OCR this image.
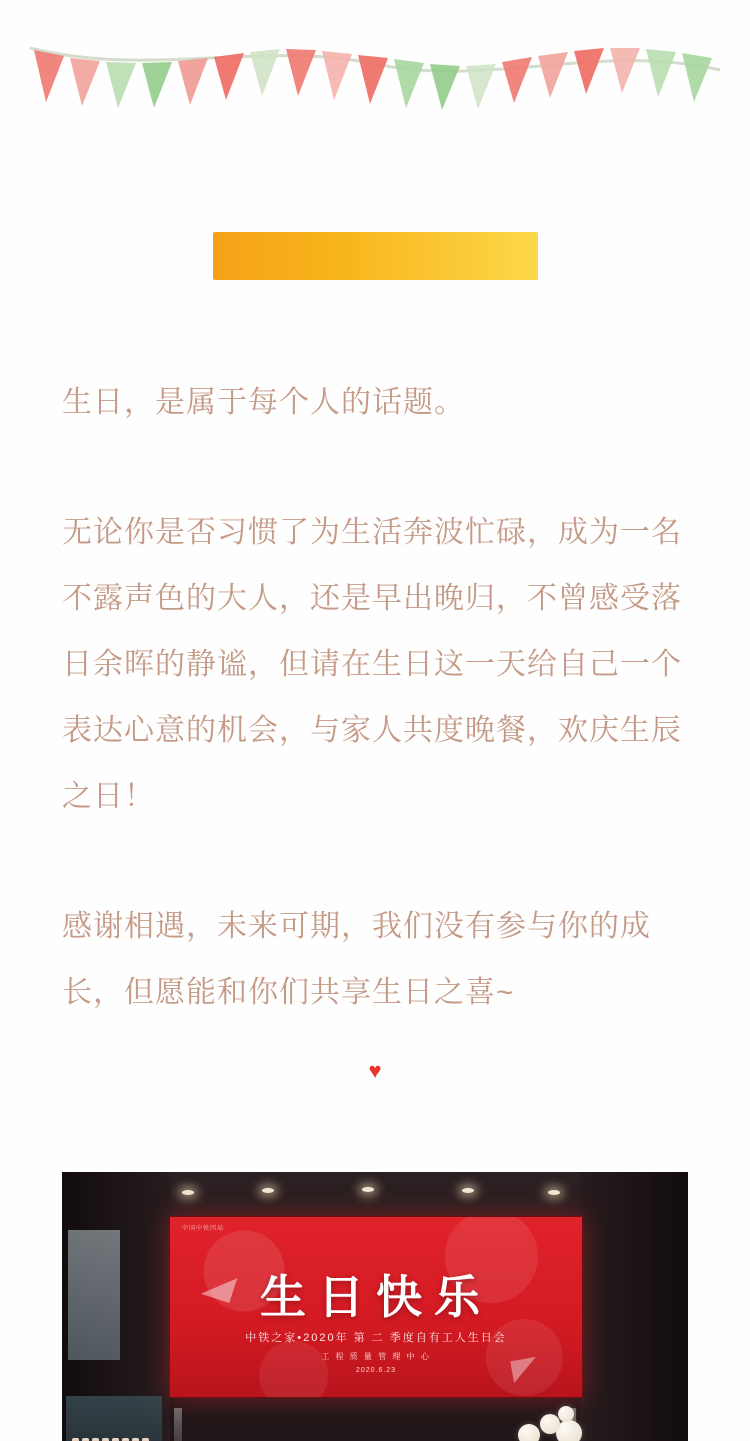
生日，是属于每个人的话题。

无论你是否习惯了为生活奔波忙碌，成为一名不露声色的大人，还是早出晚归，不曾感受落日余晖的静谧，但请在生日这一天给自己一个表达心意的机会，与家人共度晚餐，欢庆生辰之日！

感谢相遇，未来可期，我们没有参与你的成长，但愿能和你们共享生日之喜~

♥
中国中铁四局
生日快乐
中铁之家•2020年 第 二 季度自有工人生日会
工 程 质 量 管 理 中 心
2020.6.23
